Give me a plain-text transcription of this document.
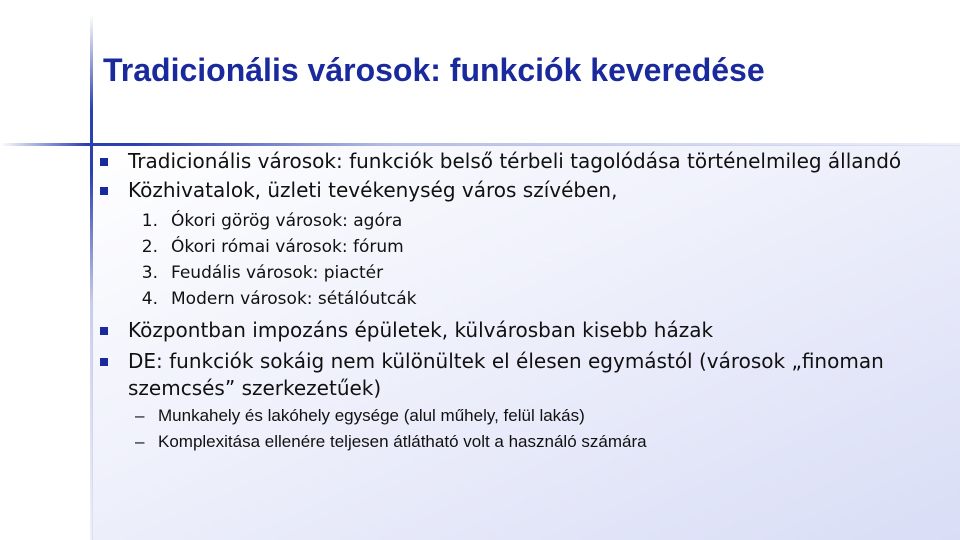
Tradicionális városok: funkciók keveredése
Tradicionális városok: funkciók belső térbeli tagolódása történelmileg állandó
Közhivatalok, üzleti tevékenység város szívében,
1. Ókori görög városok: agóra
2. Ókori római városok: fórum
3. Feudális városok: piactér
4. Modern városok: sétálóutcák
Központban impozáns épületek, külvárosban kisebb házak
DE: funkciók sokáig nem különültek el élesen egymástól (városok „finoman szemcsés” szerkezetűek)
– Munkahely és lakóhely egysége (alul műhely, felül lakás)
– Komplexitása ellenére teljesen átlátható volt a használó számára
